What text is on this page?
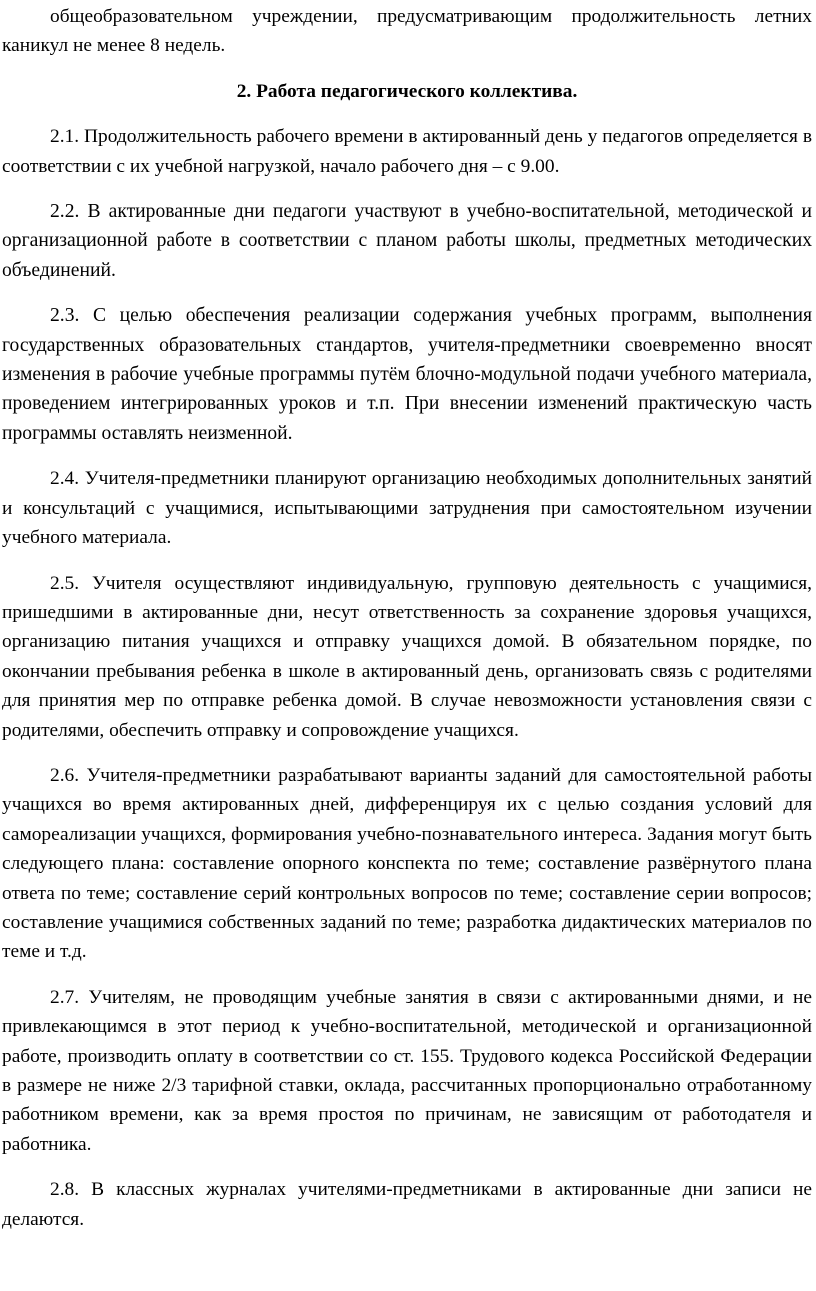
общеобразовательном учреждении, предусматривающим продолжительность летних каникул не менее 8 недель.

2. Работа педагогического коллектива.

2.1. Продолжительность рабочего времени в актированный день у педагогов определяется в соответствии с их учебной нагрузкой, начало рабочего дня – с 9.00.

2.2. В актированные дни педагоги участвуют в учебно-воспитательной, методической и организационной работе в соответствии с планом работы школы, предметных методических объединений.

2.3. С целью обеспечения реализации содержания учебных программ, выполнения государственных образовательных стандартов, учителя-предметники своевременно вносят изменения в рабочие учебные программы путём блочно-модульной подачи учебного материала, проведением интегрированных уроков и т.п. При внесении изменений практическую часть программы оставлять неизменной.

2.4. Учителя-предметники планируют организацию необходимых дополнительных занятий и консультаций с учащимися, испытывающими затруднения при самостоятельном изучении учебного материала.

2.5. Учителя осуществляют индивидуальную, групповую деятельность с учащимися, пришедшими в актированные дни, несут ответственность за сохранение здоровья учащихся, организацию питания учащихся и отправку учащихся домой. В обязательном порядке, по окончании пребывания ребенка в школе в актированный день, организовать связь с родителями для принятия мер по отправке ребенка домой. В случае невозможности установления связи с родителями, обеспечить отправку и сопровождение учащихся.

2.6. Учителя-предметники разрабатывают варианты заданий для самостоятельной работы учащихся во время актированных дней, дифференцируя их с целью создания условий для самореализации учащихся, формирования учебно-познавательного интереса. Задания могут быть следующего плана: составление опорного конспекта по теме; составление развёрнутого плана ответа по теме; составление серий контрольных вопросов по теме; составление серии вопросов; составление учащимися собственных заданий по теме; разработка дидактических материалов по теме и т.д.

2.7. Учителям, не проводящим учебные занятия в связи с актированными днями, и не привлекающимся в этот период к учебно-воспитательной, методической и организационной работе, производить оплату в соответствии со ст. 155. Трудового кодекса Российской Федерации в размере не ниже 2/3 тарифной ставки, оклада, рассчитанных пропорционально отработанному работником времени, как за время простоя по причинам, не зависящим от работодателя и работника.

2.8. В классных журналах учителями-предметниками в актированные дни записи не делаются.
